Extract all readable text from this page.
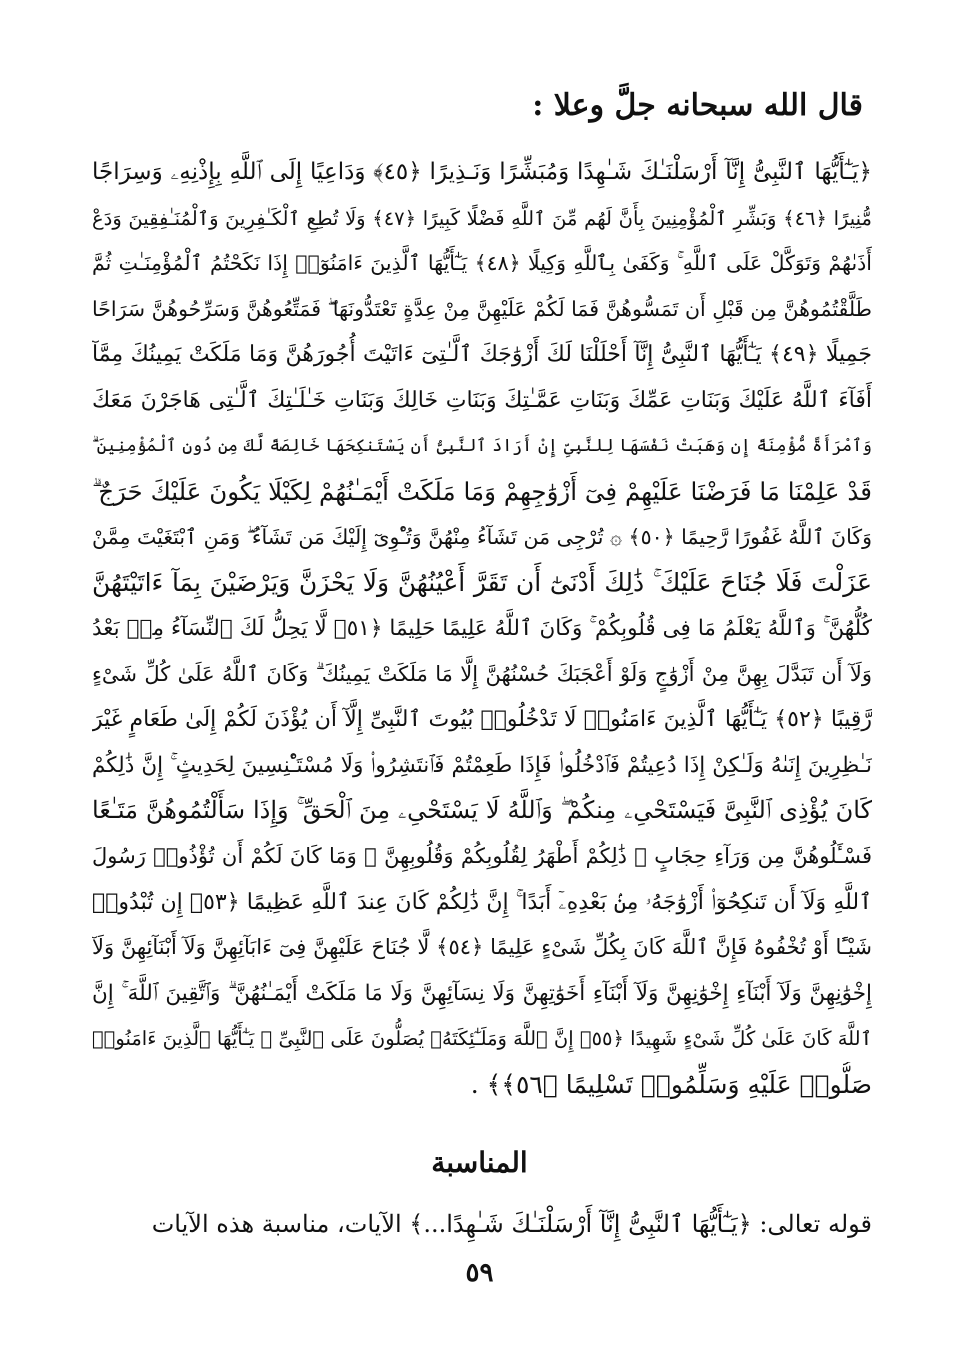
قال الله سبحانه جلَّ وعلا :
﴿يَـٰٓأَيُّهَا ٱلنَّبِىُّ إِنَّآ أَرْسَلْنَـٰكَ شَـٰهِدًا وَمُبَشِّرًا وَنَـذِيرًا ﴿٤٥﴾ وَدَاعِيًا إِلَى ٱللَّهِ بِإِذْنِهِۦ وَسِرَاجًا
مُّنِيرًا ﴿٤٦﴾ وَبَشِّرِ ٱلْمُؤْمِنِينَ بِأَنَّ لَهُم مِّنَ ٱللَّهِ فَضْلًا كَبِيرًا ﴿٤٧﴾ وَلَا تُطِعِ ٱلْكَـٰفِرِينَ وَٱلْمُنَـٰفِقِينَ وَدَعْ
أَذَىٰهُمْ وَتَوَكَّلْ عَلَى ٱللَّهِ ۚ وَكَفَىٰ بِٱللَّهِ وَكِيلًا ﴿٤٨﴾ يَـٰٓأَيُّهَا ٱلَّذِينَ ءَامَنُوٓا۟ إِذَا نَكَحْتُمُ ٱلْمُؤْمِنَـٰتِ ثُمَّ
طَلَّقْتُمُوهُنَّ مِن قَبْلِ أَن تَمَسُّوهُنَّ فَمَا لَكُمْ عَلَيْهِنَّ مِنْ عِدَّةٍ تَعْتَدُّونَهَا ۖ فَمَتِّعُوهُنَّ وَسَرِّحُوهُنَّ سَرَاحًا
جَمِيلًا ﴿٤٩﴾ يَـٰٓأَيُّهَا ٱلنَّبِىُّ إِنَّآ أَحْلَلْنَا لَكَ أَزْوَٰجَكَ ٱلَّـٰتِىٓ ءَاتَيْتَ أُجُورَهُنَّ وَمَا مَلَكَتْ يَمِينُكَ مِمَّآ
أَفَآءَ ٱللَّهُ عَلَيْكَ وَبَنَاتِ عَمِّكَ وَبَنَاتِ عَمَّـٰتِكَ وَبَنَاتِ خَالِكَ وَبَنَاتِ خَـٰلَـٰتِكَ ٱلَّـٰتِى هَاجَرْنَ مَعَكَ
وَٱمْرَأَةً مُّؤْمِنَةً إِن وَهَبَتْ نَفْسَهَا لِلنَّبِىِّ إِنْ أَرَادَ ٱلنَّبِىُّ أَن يَسْتَنكِحَهَا خَالِصَةً لَّكَ مِن دُونِ ٱلْمُؤْمِنِينَ ۗ
قَدْ عَلِمْنَا مَا فَرَضْنَا عَلَيْهِمْ فِىٓ أَزْوَٰجِهِمْ وَمَا مَلَكَتْ أَيْمَـٰنُهُمْ لِكَيْلَا يَكُونَ عَلَيْكَ حَرَجٌ ۗ
وَكَانَ ٱللَّهُ غَفُورًا رَّحِيمًا ﴿٥٠﴾ ۞ تُرْجِى مَن تَشَآءُ مِنْهُنَّ وَتُـْٔوِىٓ إِلَيْكَ مَن تَشَآءُ ۖ وَمَنِ ٱبْتَغَيْتَ مِمَّنْ
عَزَلْتَ فَلَا جُنَاحَ عَلَيْكَ ۚ ذَٰلِكَ أَدْنَىٰٓ أَن تَقَرَّ أَعْيُنُهُنَّ وَلَا يَحْزَنَّ وَيَرْضَيْنَ بِمَآ ءَاتَيْتَهُنَّ
كُلُّهُنَّ ۚ وَٱللَّهُ يَعْلَمُ مَا فِى قُلُوبِكُمْ ۚ وَكَانَ ٱللَّهُ عَلِيمًا حَلِيمًا ﴿٥١﴾ لَّا يَحِلُّ لَكَ ٱلنِّسَآءُ مِنۢ بَعْدُ
وَلَآ أَن تَبَدَّلَ بِهِنَّ مِنْ أَزْوَٰجٍ وَلَوْ أَعْجَبَكَ حُسْنُهُنَّ إِلَّا مَا مَلَكَتْ يَمِينُكَ ۗ وَكَانَ ٱللَّهُ عَلَىٰ كُلِّ شَىْءٍ
رَّقِيبًا ﴿٥٢﴾ يَـٰٓأَيُّهَا ٱلَّذِينَ ءَامَنُوا۟ لَا تَدْخُلُوا۟ بُيُوتَ ٱلنَّبِىِّ إِلَّآ أَن يُؤْذَنَ لَكُمْ إِلَىٰ طَعَامٍ غَيْرَ
نَـٰظِرِينَ إِنَىٰهُ وَلَـٰكِنْ إِذَا دُعِيتُمْ فَٱدْخُلُوا۟ فَإِذَا طَعِمْتُمْ فَٱنتَشِرُوا۟ وَلَا مُسْتَـْٔنِسِينَ لِحَدِيثٍ ۚ إِنَّ ذَٰلِكُمْ
كَانَ يُؤْذِى ٱلنَّبِىَّ فَيَسْتَحْىِۦ مِنكُمْ ۖ وَٱللَّهُ لَا يَسْتَحْىِۦ مِنَ ٱلْحَقِّ ۚ وَإِذَا سَأَلْتُمُوهُنَّ مَتَـٰعًا
فَسْـَٔلُوهُنَّ مِن وَرَآءِ حِجَابٍ ۚ ذَٰلِكُمْ أَطْهَرُ لِقُلُوبِكُمْ وَقُلُوبِهِنَّ ۚ وَمَا كَانَ لَكُمْ أَن تُؤْذُوا۟ رَسُولَ
ٱللَّهِ وَلَآ أَن تَنكِحُوٓا۟ أَزْوَٰجَهُۥ مِنۢ بَعْدِهِۦٓ أَبَدًا ۚ إِنَّ ذَٰلِكُمْ كَانَ عِندَ ٱللَّهِ عَظِيمًا ﴿٥٣﴾ إِن تُبْدُوا۟
شَيْـًٔا أَوْ تُخْفُوهُ فَإِنَّ ٱللَّهَ كَانَ بِكُلِّ شَىْءٍ عَلِيمًا ﴿٥٤﴾ لَّا جُنَاحَ عَلَيْهِنَّ فِىٓ ءَابَآئِهِنَّ وَلَآ أَبْنَآئِهِنَّ وَلَآ
إِخْوَٰنِهِنَّ وَلَآ أَبْنَآءِ إِخْوَٰنِهِنَّ وَلَآ أَبْنَآءِ أَخَوَٰتِهِنَّ وَلَا نِسَآئِهِنَّ وَلَا مَا مَلَكَتْ أَيْمَـٰنُهُنَّ ۗ وَٱتَّقِينَ ٱللَّهَ ۚ إِنَّ
ٱللَّهَ كَانَ عَلَىٰ كُلِّ شَىْءٍ شَهِيدًا ﴿٥٥﴾ إِنَّ ٱللَّهَ وَمَلَـٰٓئِكَتَهُۥ يُصَلُّونَ عَلَى ٱلنَّبِىِّ ۚ يَـٰٓأَيُّهَا ٱلَّذِينَ ءَامَنُوا۟
صَلُّوا۟ عَلَيْهِ وَسَلِّمُوا۟ تَسْلِيمًا ﴿٥٦﴾﴾ .
المناسبة
قوله تعالى: ﴿يَـٰٓأَيُّهَا ٱلنَّبِىُّ إِنَّآ أَرْسَلْنَـٰكَ شَـٰهِدًا...﴾ الآيات، مناسبة هذه الآيات
٥٩
